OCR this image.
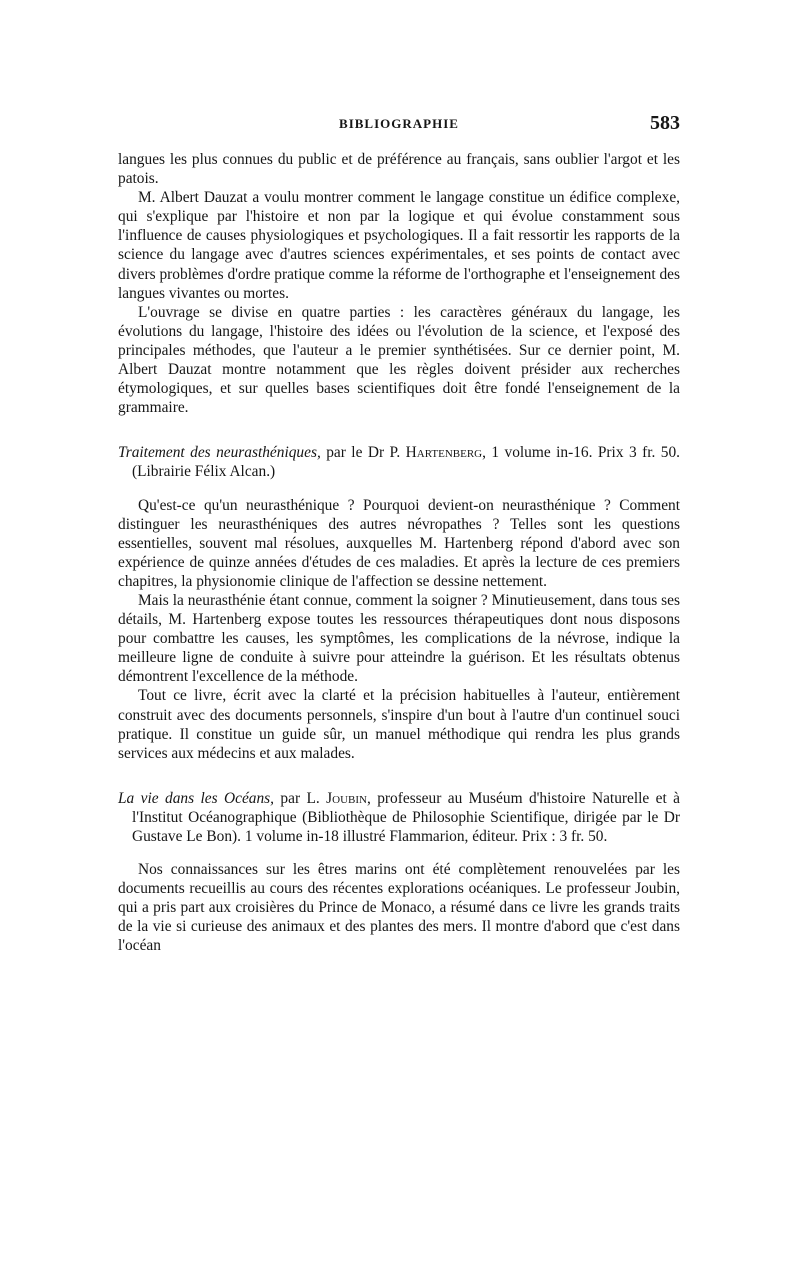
BIBLIOGRAPHIE	583

langues les plus connues du public et de préférence au français, sans oublier l'argot et les patois.

M. Albert Dauzat a voulu montrer comment le langage constitue un édifice complexe, qui s'explique par l'histoire et non par la logique et qui évolue constamment sous l'influence de causes physiologiques et psychologiques. Il a fait ressortir les rapports de la science du langage avec d'autres sciences expérimentales, et ses points de contact avec divers problèmes d'ordre pratique comme la réforme de l'orthographe et l'enseignement des langues vivantes ou mortes.

L'ouvrage se divise en quatre parties : les caractères généraux du langage, les évolutions du langage, l'histoire des idées ou l'évolution de la science, et l'exposé des principales méthodes, que l'auteur a le premier synthétisées. Sur ce dernier point, M. Albert Dauzat montre notamment que les règles doivent présider aux recherches étymologiques, et sur quelles bases scientifiques doit être fondé l'enseignement de la grammaire.

Traitement des neurasthéniques, par le Dr P. Hartenberg, 1 volume in-16. Prix 3 fr. 50. (Librairie Félix Alcan.)

Qu'est-ce qu'un neurasthénique ? Pourquoi devient-on neurasthénique ? Comment distinguer les neurasthéniques des autres névropathes ? Telles sont les questions essentielles, souvent mal résolues, auxquelles M. Hartenberg répond d'abord avec son expérience de quinze années d'études de ces maladies. Et après la lecture de ces premiers chapitres, la physionomie clinique de l'affection se dessine nettement.

Mais la neurasthénie étant connue, comment la soigner ? Minutieusement, dans tous ses détails, M. Hartenberg expose toutes les ressources thérapeutiques dont nous disposons pour combattre les causes, les symptômes, les complications de la névrose, indique la meilleure ligne de conduite à suivre pour atteindre la guérison. Et les résultats obtenus démontrent l'excellence de la méthode.

Tout ce livre, écrit avec la clarté et la précision habituelles à l'auteur, entièrement construit avec des documents personnels, s'inspire d'un bout à l'autre d'un continuel souci pratique. Il constitue un guide sûr, un manuel méthodique qui rendra les plus grands services aux médecins et aux malades.

La vie dans les Océans, par L. Joubin, professeur au Muséum d'histoire Naturelle et à l'Institut Océanographique (Bibliothèque de Philosophie Scientifique, dirigée par le Dr Gustave Le Bon). 1 volume in-18 illustré Flammarion, éditeur. Prix : 3 fr. 50.

Nos connaissances sur les êtres marins ont été complètement renouvelées par les documents recueillis au cours des récentes explorations océaniques. Le professeur Joubin, qui a pris part aux croisières du Prince de Monaco, a résumé dans ce livre les grands traits de la vie si curieuse des animaux et des plantes des mers. Il montre d'abord que c'est dans l'océan
